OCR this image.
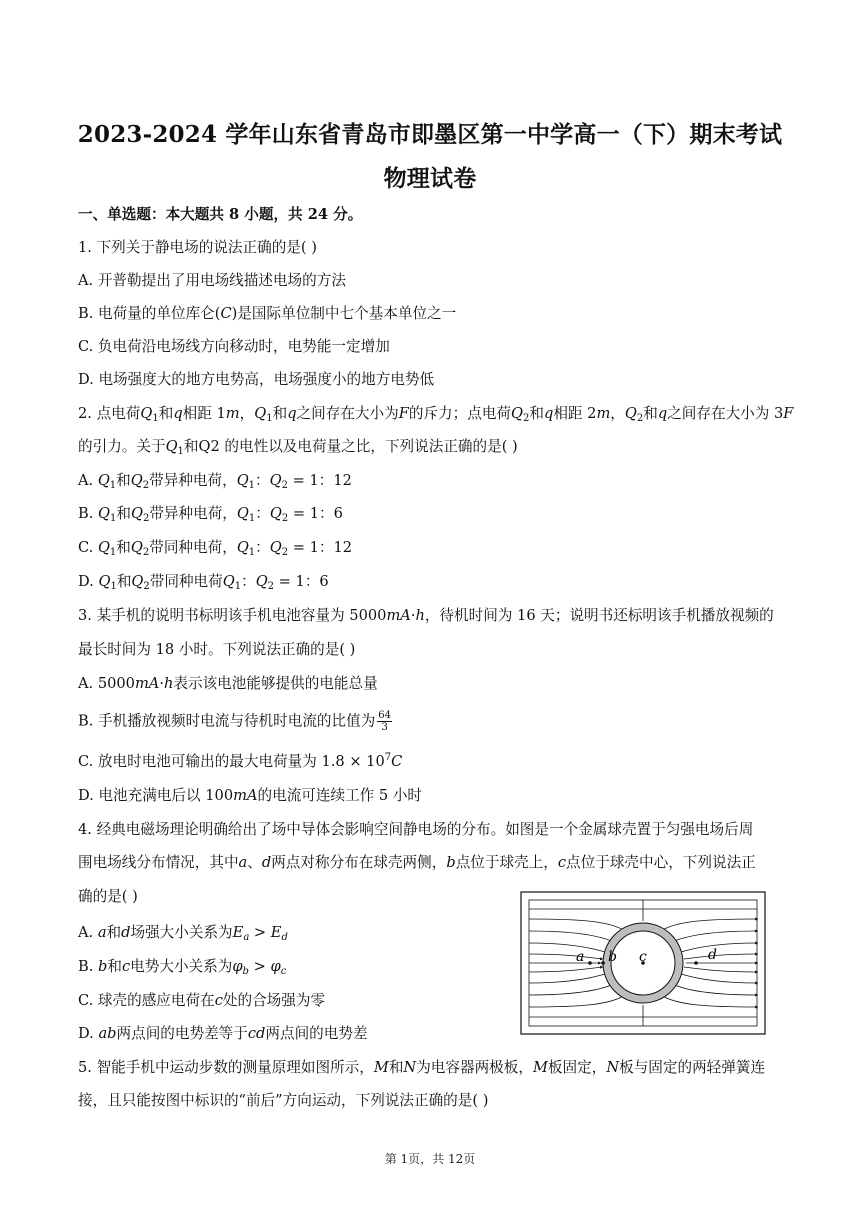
2023-2024 学年山东省青岛市即墨区第一中学高一（下）期末考试
物理试卷
一、单选题：本大题共 8 小题，共 24 分。
1. 下列关于静电场的说法正确的是( )
A. 开普勒提出了用电场线描述电场的方法
B. 电荷量的单位库仑(C)是国际单位制中七个基本单位之一
C. 负电荷沿电场线方向移动时，电势能一定增加
D. 电场强度大的地方电势高，电场强度小的地方电势低
2. 点电荷$Q_1$和q相距 1m，$Q_1$和q之间存在大小为F的斥力；点电荷$Q_2$和q相距 2m，$Q_2$和q之间存在大小为 3F
的引力。关于$Q_1$和Q2 的电性以及电荷量之比，下列说法正确的是( )
A. $Q_1$和$Q_2$带异种电荷，$Q_1$：$Q_2 = 1$：12
B. $Q_1$和$Q_2$带异种电荷，$Q_1$：$Q_2 = 1$：6
C. $Q_1$和$Q_2$带同种电荷，$Q_1$：$Q_2 = 1$：12
D. $Q_1$和$Q_2$带同种电荷$Q_1$：$Q_2 = 1$：6
3. 某手机的说明书标明该手机电池容量为 5000mA·h，待机时间为 16 天；说明书还标明该手机播放视频的
最长时间为 18 小时。下列说法正确的是( )
A. 5000mA·h表示该电池能够提供的电能总量
B. 手机播放视频时电流与待机时电流的比值为 $\frac{64}{3}$
C. 放电时电池可输出的最大电荷量为 $1.8 \times 10^7C$
D. 电池充满电后以 100mA的电流可连续工作 5 小时
4. 经典电磁场理论明确给出了场中导体会影响空间静电场的分布。如图是一个金属球壳置于匀强电场后周
围电场线分布情况，其中a、d两点对称分布在球壳两侧，b点位于球壳上，c点位于球壳中心，下列说法正
确的是( )
A. a和d场强大小关系为$E_a > E_d$
B. b和c电势大小关系为$\varphi_b > \varphi_c$
C. 球壳的感应电荷在c处的合场强为零
D. ab两点间的电势差等于cd两点间的电势差
a b c	d
5. 智能手机中运动步数的测量原理如图所示，M和N为电容器两极板，M板固定，N板与固定的两轻弹簧连
接，且只能按图中标识的“前后”方向运动，下列说法正确的是( )
第 1页，共 12页
